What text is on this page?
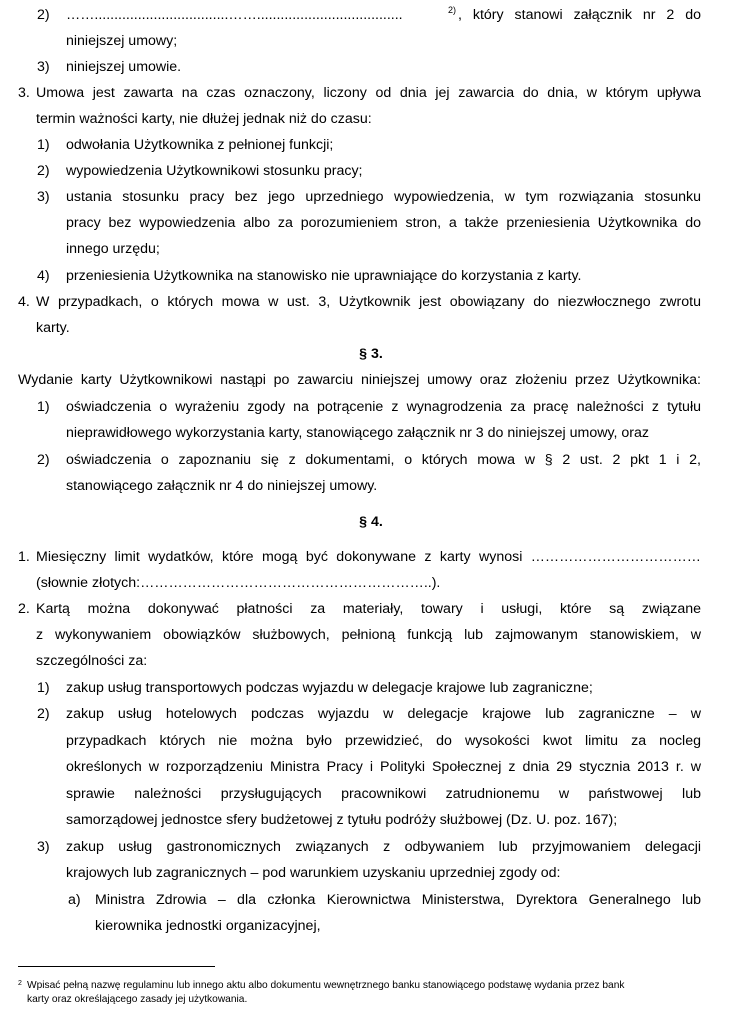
2) ……..................................…….....................................	2) , który stanowi załącznik nr 2 do
niniejszej umowy;
3) niniejszej umowie.
3. Umowa jest zawarta na czas oznaczony, liczony od dnia jej zawarcia do dnia, w którym upływa
termin ważności karty, nie dłużej jednak niż do czasu:
1) odwołania Użytkownika z pełnionej funkcji;
2) wypowiedzenia Użytkownikowi stosunku pracy;
3) ustania stosunku pracy bez jego uprzedniego wypowiedzenia, w tym rozwiązania stosunku
pracy bez wypowiedzenia albo za porozumieniem stron, a także przeniesienia Użytkownika do
innego urzędu;
4) przeniesienia Użytkownika na stanowisko nie uprawniające do korzystania z karty.
4. W przypadkach, o których mowa w ust. 3, Użytkownik jest obowiązany do niezwłocznego zwrotu
karty.
§ 3.
Wydanie karty Użytkownikowi nastąpi po zawarciu niniejszej umowy oraz złożeniu przez Użytkownika:
1) oświadczenia o wyrażeniu zgody na potrącenie z wynagrodzenia za pracę należności z tytułu
nieprawidłowego wykorzystania karty, stanowiącego załącznik nr 3 do niniejszej umowy, oraz
2) oświadczenia o zapoznaniu się z dokumentami, o których mowa w § 2 ust. 2 pkt 1 i 2,
stanowiącego załącznik nr 4 do niniejszej umowy.
§ 4.
1. Miesięczny limit wydatków, które mogą być dokonywane z karty wynosi ………………………………
(słownie złotych:……………………………………………………..).
2. Kartą można dokonywać płatności za materiały, towary i usługi, które są związane
z wykonywaniem obowiązków służbowych, pełnioną funkcją lub zajmowanym stanowiskiem, w
szczególności za:
1) zakup usług transportowych podczas wyjazdu w delegacje krajowe lub zagraniczne;
2) zakup usług hotelowych podczas wyjazdu w delegacje krajowe lub zagraniczne – w
przypadkach których nie można było przewidzieć, do wysokości kwot limitu za nocleg
określonych w rozporządzeniu Ministra Pracy i Polityki Społecznej z dnia 29 stycznia 2013 r. w
sprawie należności przysługujących pracownikowi zatrudnionemu w państwowej lub
samorządowej jednostce sfery budżetowej z tytułu podróży służbowej (Dz. U. poz. 167);
3) zakup usług gastronomicznych związanych z odbywaniem lub przyjmowaniem delegacji
krajowych lub zagranicznych – pod warunkiem uzyskaniu uprzedniej zgody od:
a) Ministra Zdrowia – dla członka Kierownictwa Ministerstwa, Dyrektora Generalnego lub
kierownika jednostki organizacyjnej,
2 Wpisać pełną nazwę regulaminu lub innego aktu albo dokumentu wewnętrznego banku stanowiącego podstawę wydania przez bank
karty oraz określającego zasady jej użytkowania.
